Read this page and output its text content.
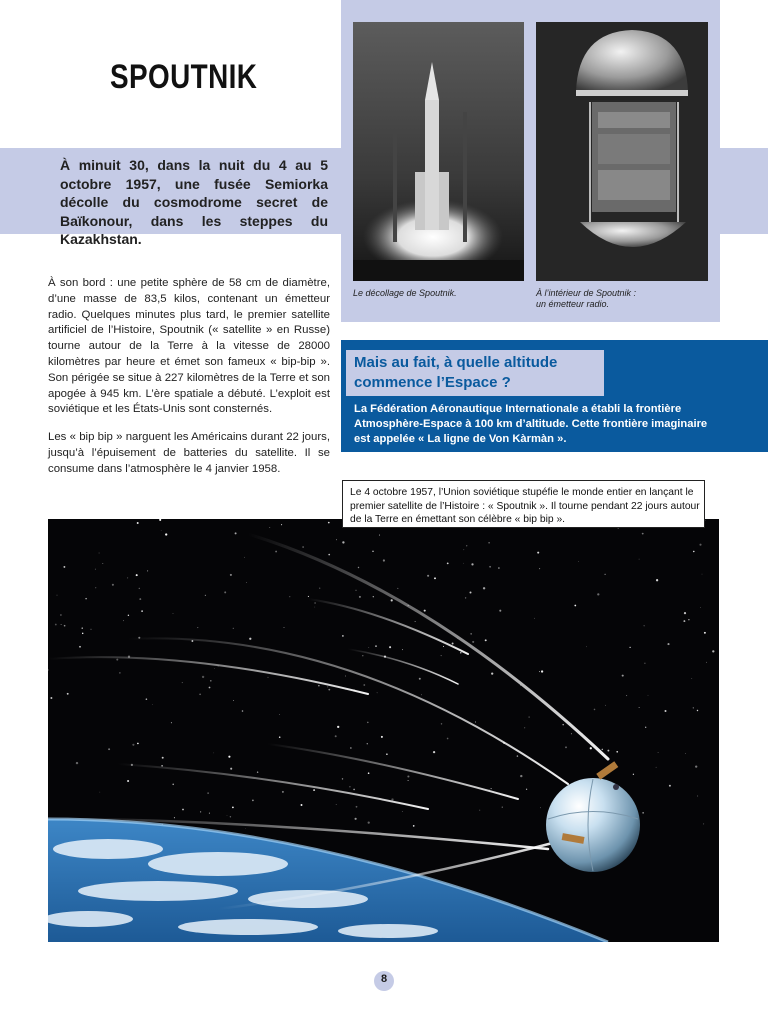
SPOUTNIK
À minuit 30, dans la nuit du 4 au 5 octobre 1957, une fusée Semiorka décolle du cosmodrome secret de Baïkonour, dans les steppes du Kazakhstan.
Le décollage de Spoutnik.	À l’intérieur de Spoutnik :
un émetteur radio.

À son bord : une petite sphère de 58 cm de diamètre, d’une masse de 83,5 kilos, contenant un émetteur radio. Quelques minutes plus tard, le premier satellite artificiel de l’Histoire, Spoutnik (« satellite » en Russe) tourne autour de la Terre à la vitesse de 28000 kilomètres par heure et émet son fameux « bip-bip ». Son périgée se situe à 227 kilomètres de la Terre et son apogée à 945 km. L’ère spatiale a débuté. L’exploit est soviétique et les États-Unis sont consternés.

Les « bip bip » narguent les Américains durant 22 jours, jusqu’à l’épuisement de batteries du satellite. Il se consume dans l’atmosphère le 4 janvier 1958.

Mais au fait, à quelle altitude
commence l’Espace ?
La Fédération Aéronautique Internationale a établi la frontière Atmosphère-Espace à 100 km d’altitude. Cette frontière imaginaire est appelée « La ligne de Von Kàrmàn ».
Le 4 octobre 1957, l’Union soviétique stupéfie le monde entier en lançant le premier satellite de l’Histoire : « Spoutnik ». Il tourne pendant 22 jours autour de la Terre en émettant son célèbre « bip bip ».
8
